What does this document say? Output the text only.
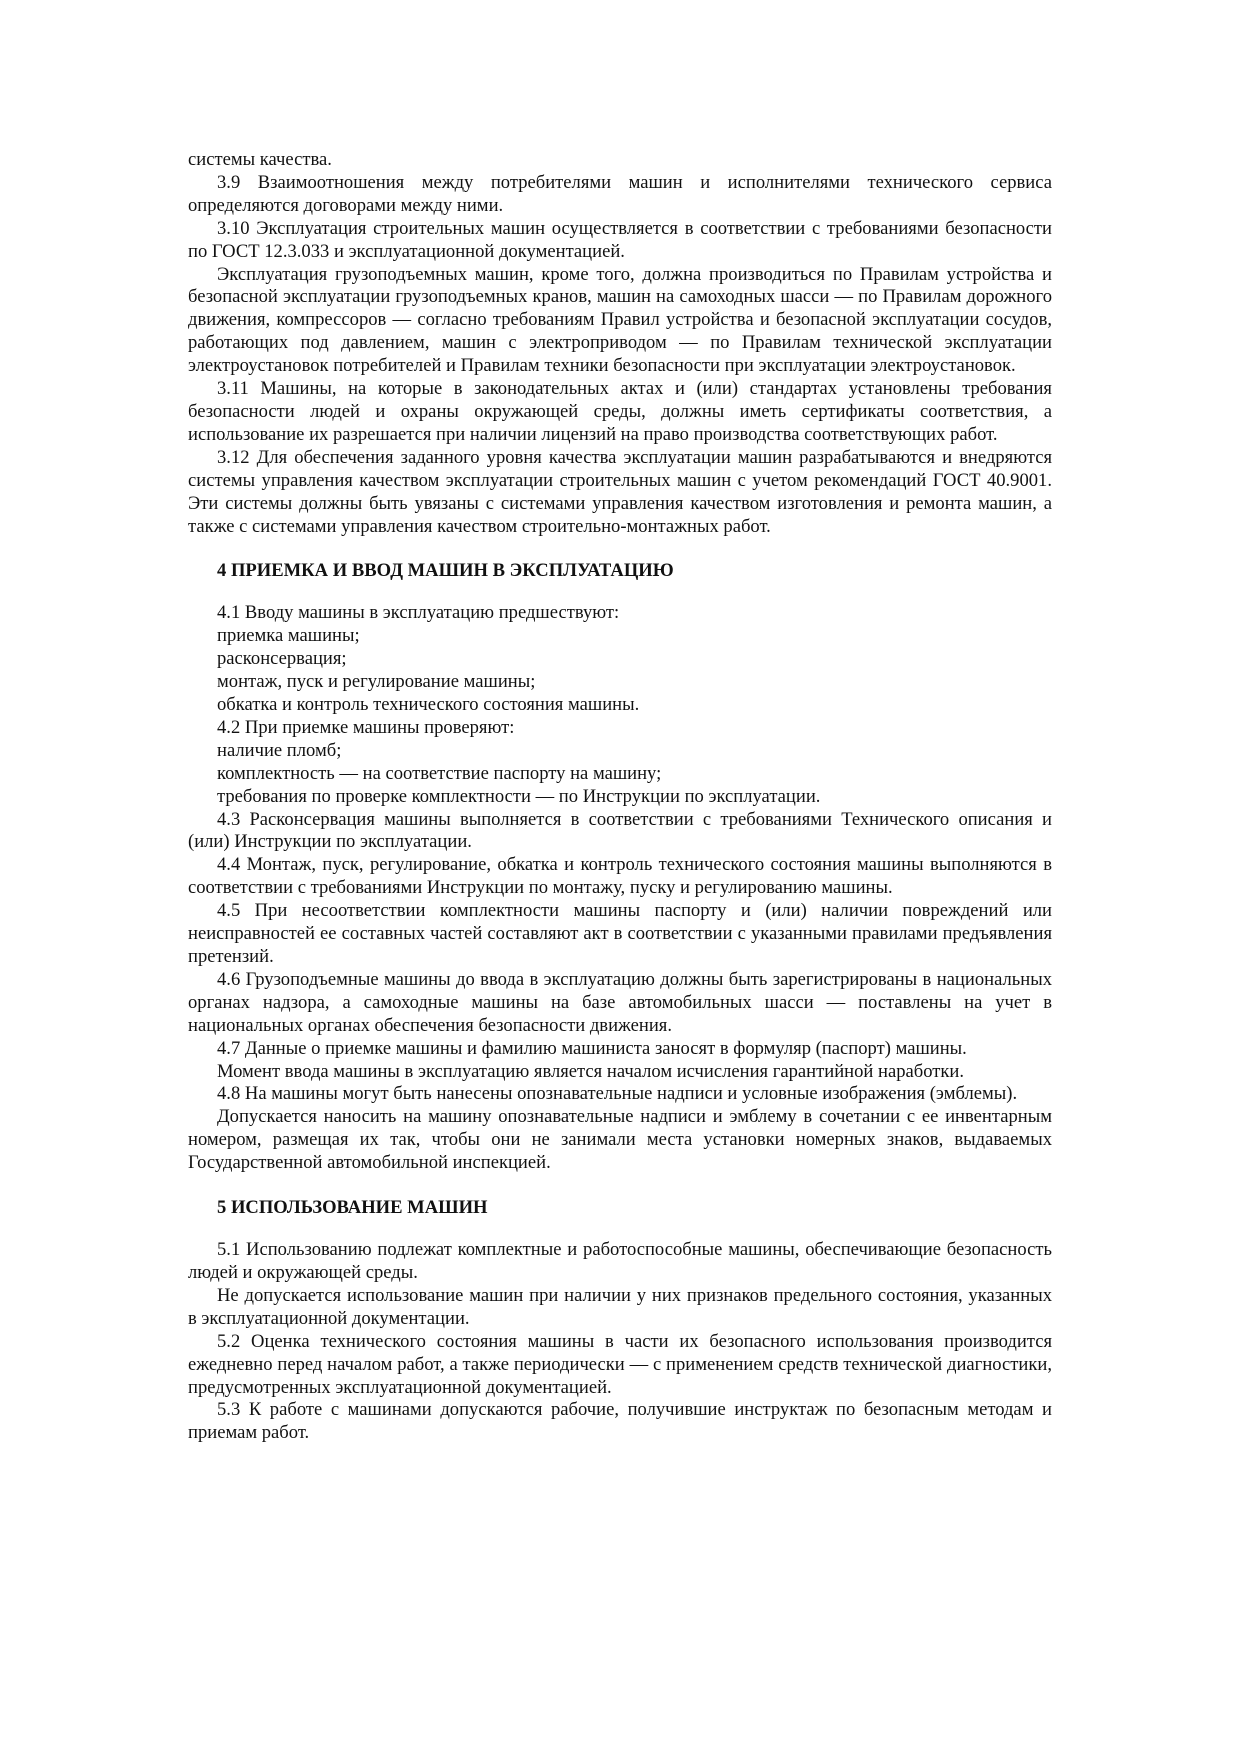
системы качества.

3.9 Взаимоотношения между потребителями машин и исполнителями технического сервиса определяются договорами между ними.

3.10 Эксплуатация строительных машин осуществляется в соответствии с требованиями безопасности по ГОСТ 12.3.033 и эксплуатационной документацией.

Эксплуатация грузоподъемных машин, кроме того, должна производиться по Правилам устройства и безопасной эксплуатации грузоподъемных кранов, машин на самоходных шасси — по Правилам дорожного движения, компрессоров — согласно требованиям Правил устройства и безопасной эксплуатации сосудов, работающих под давлением, машин с электроприводом — по Правилам технической эксплуатации электроустановок потребителей и Правилам техники безопасности при эксплуатации электроустановок.

3.11 Машины, на которые в законодательных актах и (или) стандартах установлены требования безопасности людей и охраны окружающей среды, должны иметь сертификаты соответствия, а использование их разрешается при наличии лицензий на право производства соответствующих работ.

3.12 Для обеспечения заданного уровня качества эксплуатации машин разрабатываются и внедряются системы управления качеством эксплуатации строительных машин с учетом рекомендаций ГОСТ 40.9001. Эти системы должны быть увязаны с системами управления качеством изготовления и ремонта машин, а также с системами управления качеством строительно-монтажных работ.

4 ПРИЕМКА И ВВОД МАШИН В ЭКСПЛУАТАЦИЮ

4.1 Вводу машины в эксплуатацию предшествуют:

приемка машины;

расконсервация;

монтаж, пуск и регулирование машины;

обкатка и контроль технического состояния машины.

4.2 При приемке машины проверяют:

наличие пломб;

комплектность — на соответствие паспорту на машину;

требования по проверке комплектности — по Инструкции по эксплуатации.

4.3 Расконсервация машины выполняется в соответствии с требованиями Технического описания и (или) Инструкции по эксплуатации.

4.4 Монтаж, пуск, регулирование, обкатка и контроль технического состояния машины выполняются в соответствии с требованиями Инструкции по монтажу, пуску и регулированию машины.

4.5 При несоответствии комплектности машины паспорту и (или) наличии повреждений или неисправностей ее составных частей составляют акт в соответствии с указанными правилами предъявления претензий.

4.6 Грузоподъемные машины до ввода в эксплуатацию должны быть зарегистрированы в национальных органах надзора, а самоходные машины на базе автомобильных шасси — поставлены на учет в национальных органах обеспечения безопасности движения.

4.7 Данные о приемке машины и фамилию машиниста заносят в формуляр (паспорт) машины.

Момент ввода машины в эксплуатацию является началом исчисления гарантийной наработки.

4.8 На машины могут быть нанесены опознавательные надписи и условные изображения (эмблемы).

Допускается наносить на машину опознавательные надписи и эмблему в сочетании с ее инвентарным номером, размещая их так, чтобы они не занимали места установки номерных знаков, выдаваемых Государственной автомобильной инспекцией.

5 ИСПОЛЬЗОВАНИЕ МАШИН

5.1 Использованию подлежат комплектные и работоспособные машины, обеспечивающие безопасность людей и окружающей среды.

Не допускается использование машин при наличии у них признаков предельного состояния, указанных в эксплуатационной документации.

5.2 Оценка технического состояния машины в части их безопасного использования производится ежедневно перед началом работ, а также периодически — с применением средств технической диагностики, предусмотренных эксплуатационной документацией.

5.3 К работе с машинами допускаются рабочие, получившие инструктаж по безопасным методам и приемам работ.
